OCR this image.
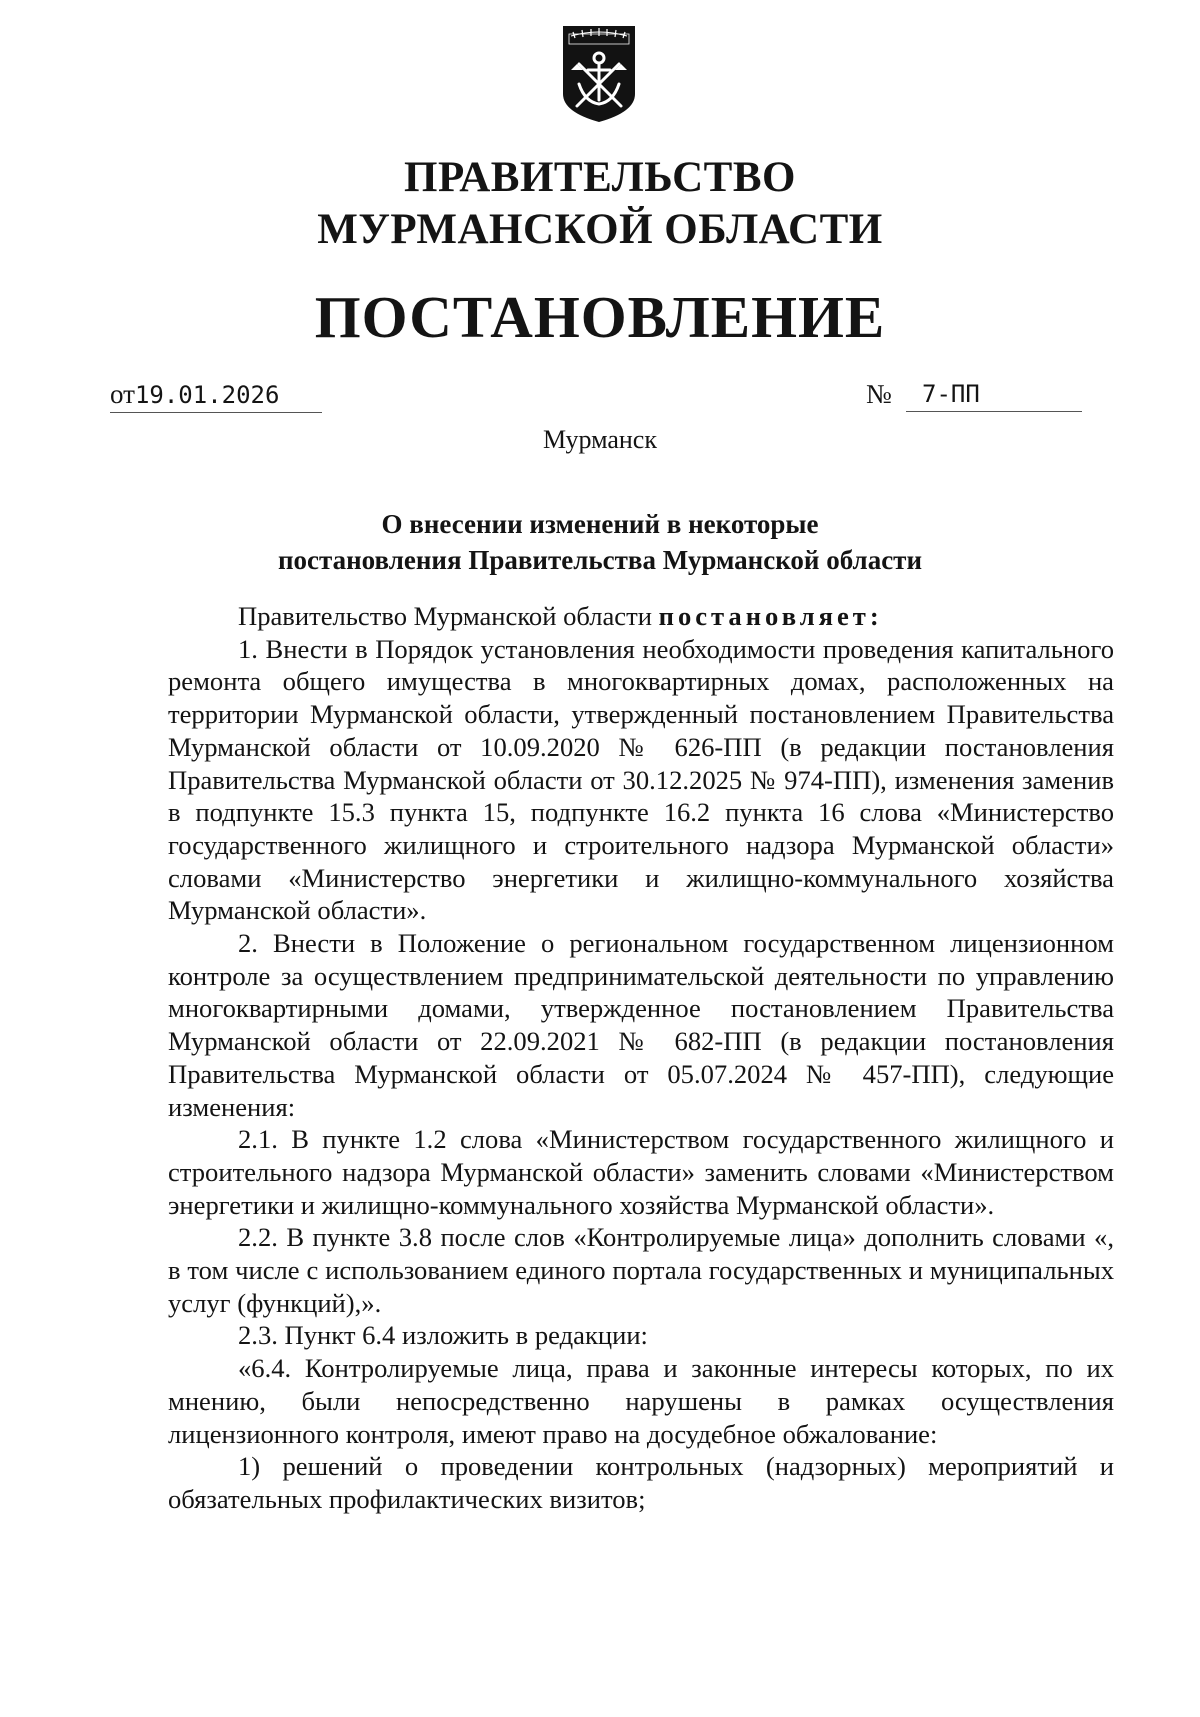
ПРАВИТЕЛЬСТВО
МУРМАНСКОЙ ОБЛАСТИ
ПОСТАНОВЛЕНИЕ
от19.01.2026	№ 7-ПП
Мурманск
О внесении изменений в некоторые
постановления Правительства Мурманской области

Правительство Мурманской области постановляет:

1. Внести в Порядок установления необходимости проведения капитального ремонта общего имущества в многоквартирных домах, расположенных на территории Мурманской области, утвержденный постановлением Правительства Мурманской области от 10.09.2020 № 626-ПП (в редакции постановления Правительства Мурманской области от 30.12.2025 № 974-ПП), изменения заменив в подпункте 15.3 пункта 15, подпункте 16.2 пункта 16 слова «Министерство государственного жилищного и строительного надзора Мурманской области» словами «Министерство энергетики и жилищно-коммунального хозяйства Мурманской области».

2. Внести в Положение о региональном государственном лицензионном контроле за осуществлением предпринимательской деятельности по управлению многоквартирными домами, утвержденное постановлением Правительства Мурманской области от 22.09.2021 № 682-ПП (в редакции постановления Правительства Мурманской области от 05.07.2024 № 457-ПП), следующие изменения:

2.1. В пункте 1.2 слова «Министерством государственного жилищного и строительного надзора Мурманской области» заменить словами «Министерством энергетики и жилищно-коммунального хозяйства Мурманской области».

2.2. В пункте 3.8 после слов «Контролируемые лица» дополнить словами «, в том числе с использованием единого портала государственных и муниципальных услуг (функций),».

2.3. Пункт 6.4 изложить в редакции:

«6.4. Контролируемые лица, права и законные интересы которых, по их мнению, были непосредственно нарушены в рамках осуществления лицензионного контроля, имеют право на досудебное обжалование:

1) решений о проведении контрольных (надзорных) мероприятий и обязательных профилактических визитов;
